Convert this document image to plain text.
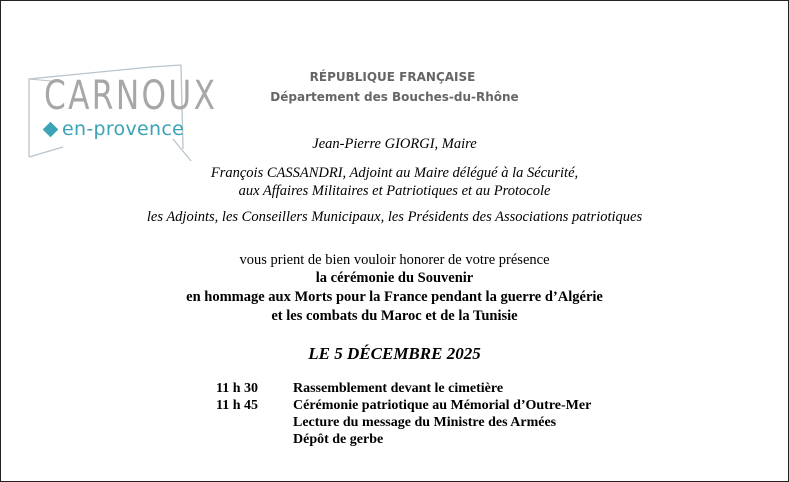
CARNOUX
en-provence
RÉPUBLIQUE FRANÇAISE
Département des Bouches-du-Rhône
Jean-Pierre GIORGI, Maire
François CASSANDRI, Adjoint au Maire délégué à la Sécurité,
aux Affaires Militaires et Patriotiques et au Protocole
les Adjoints, les Conseillers Municipaux, les Présidents des Associations patriotiques
vous prient de bien vouloir honorer de votre présence
la cérémonie du Souvenir
en hommage aux Morts pour la France pendant la guerre d’Algérie
et les combats du Maroc et de la Tunisie
LE 5 DÉCEMBRE 2025
11 h 30	Rassemblement devant le cimetière
11 h 45	Cérémonie patriotique au Mémorial d’Outre-Mer
Lecture du message du Ministre des Armées
Dépôt de gerbe
